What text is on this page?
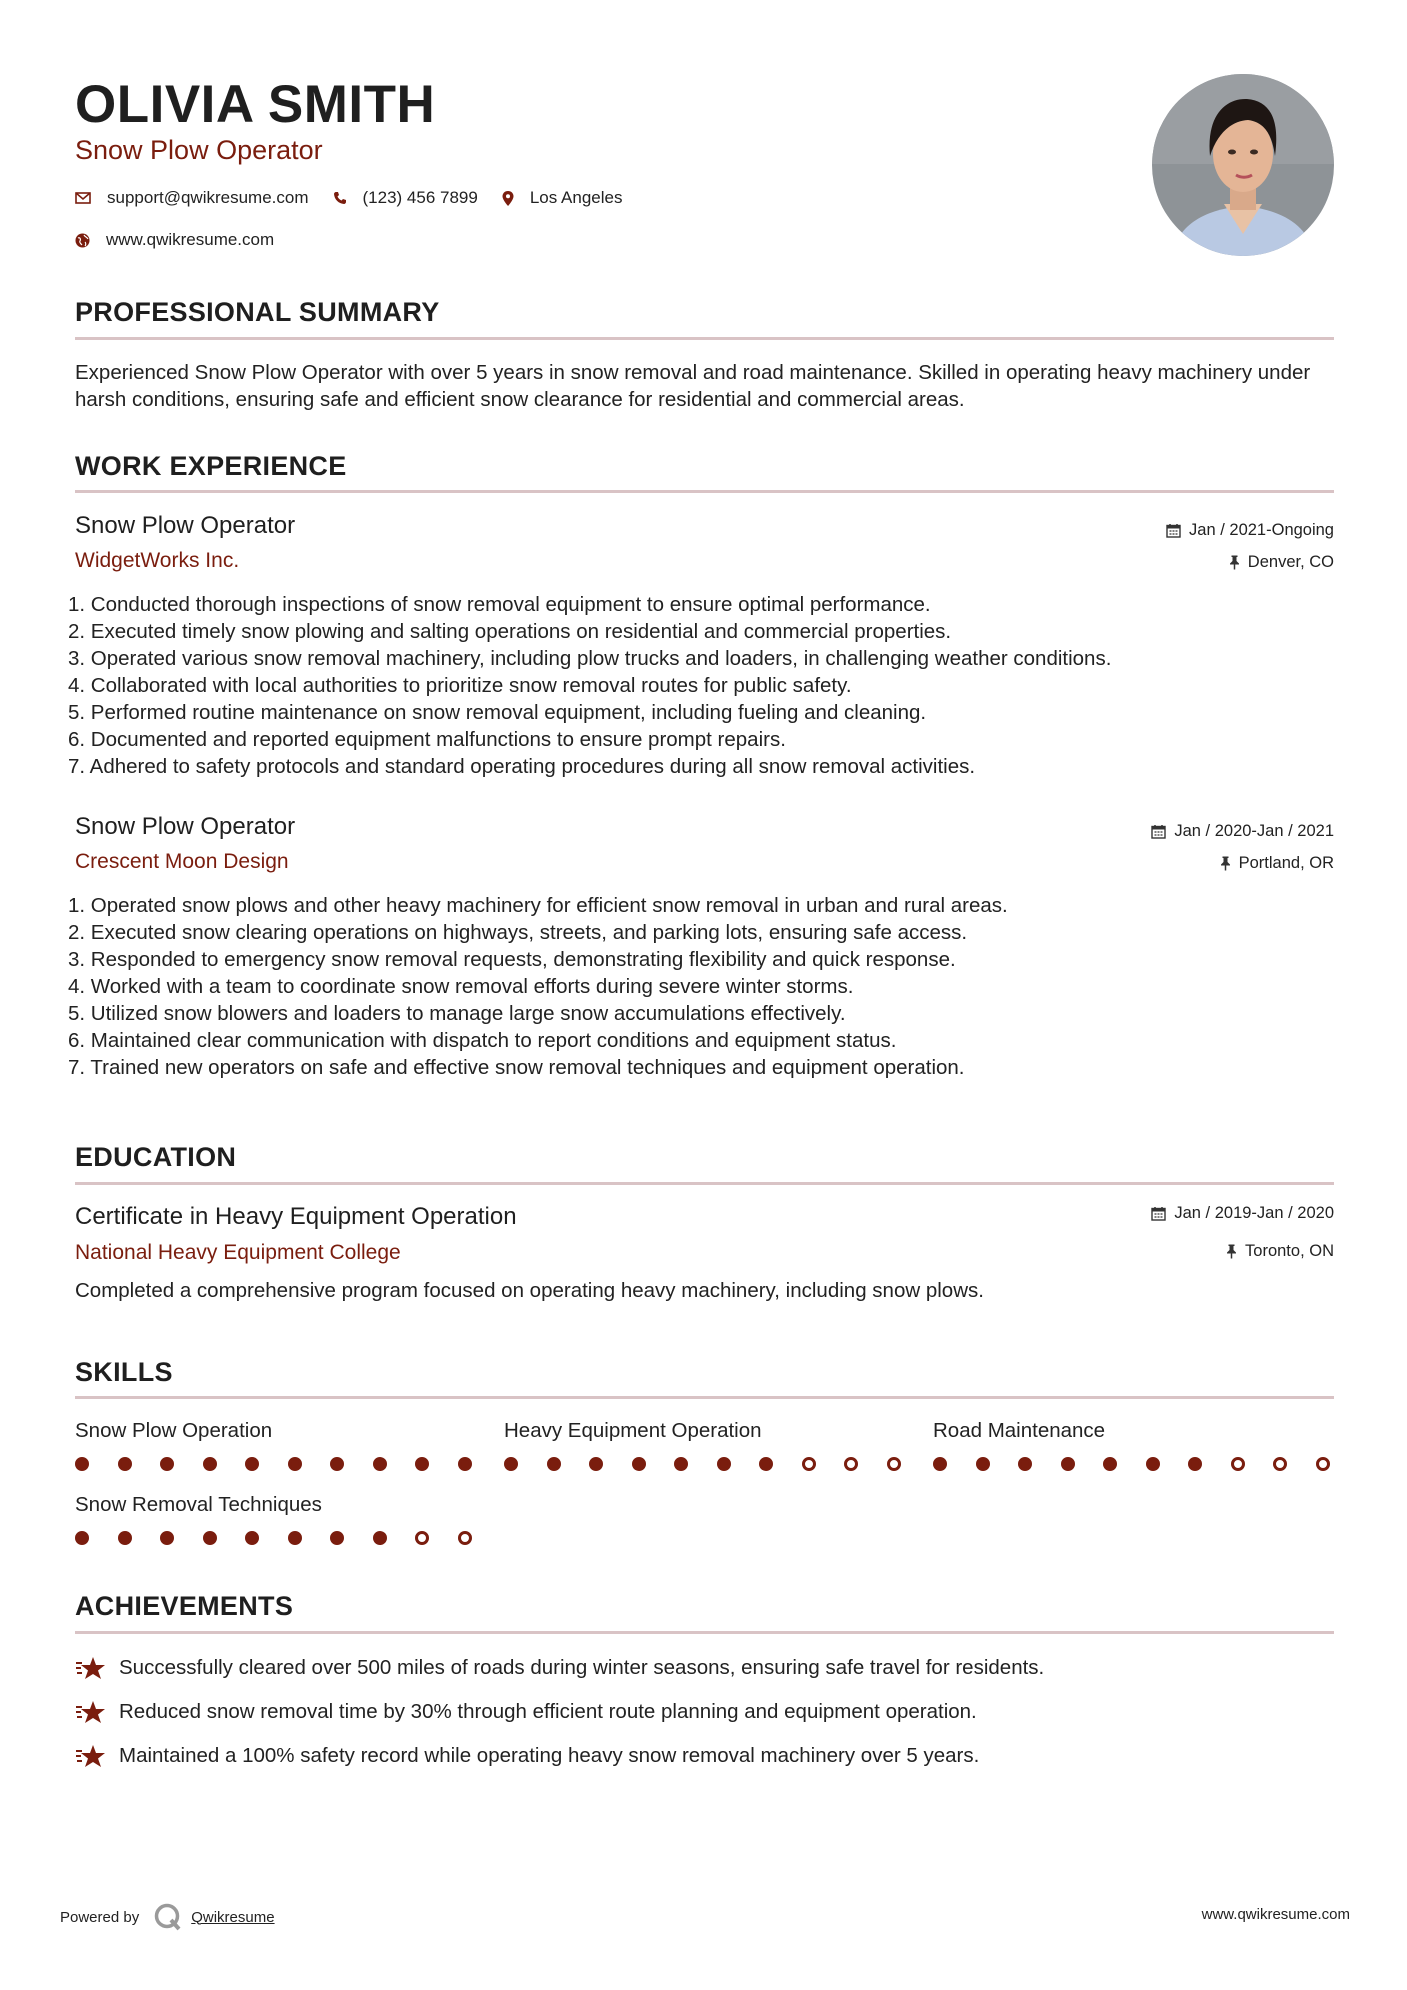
OLIVIA SMITH
Snow Plow Operator
support@qwikresume.com	(123) 456 7899	Los Angeles
www.qwikresume.com
PROFESSIONAL SUMMARY
Experienced Snow Plow Operator with over 5 years in snow removal and road maintenance. Skilled in operating heavy machinery under harsh conditions, ensuring safe and efficient snow clearance for residential and commercial areas.
WORK EXPERIENCE
Snow Plow Operator	Jan / 2021-Ongoing
WidgetWorks Inc.	Denver, CO
1. Conducted thorough inspections of snow removal equipment to ensure optimal performance.
2. Executed timely snow plowing and salting operations on residential and commercial properties.
3. Operated various snow removal machinery, including plow trucks and loaders, in challenging weather conditions.
4. Collaborated with local authorities to prioritize snow removal routes for public safety.
5. Performed routine maintenance on snow removal equipment, including fueling and cleaning.
6. Documented and reported equipment malfunctions to ensure prompt repairs.
7. Adhered to safety protocols and standard operating procedures during all snow removal activities.
Snow Plow Operator	Jan / 2020-Jan / 2021
Crescent Moon Design	Portland, OR
1. Operated snow plows and other heavy machinery for efficient snow removal in urban and rural areas.
2. Executed snow clearing operations on highways, streets, and parking lots, ensuring safe access.
3. Responded to emergency snow removal requests, demonstrating flexibility and quick response.
4. Worked with a team to coordinate snow removal efforts during severe winter storms.
5. Utilized snow blowers and loaders to manage large snow accumulations effectively.
6. Maintained clear communication with dispatch to report conditions and equipment status.
7. Trained new operators on safe and effective snow removal techniques and equipment operation.
EDUCATION
Certificate in Heavy Equipment Operation	Jan / 2019-Jan / 2020
National Heavy Equipment College	Toronto, ON
Completed a comprehensive program focused on operating heavy machinery, including snow plows.
SKILLS
Snow Plow Operation	Heavy Equipment Operation	Road Maintenance
Snow Removal Techniques
ACHIEVEMENTS
Successfully cleared over 500 miles of roads during winter seasons, ensuring safe travel for residents.
Reduced snow removal time by 30% through efficient route planning and equipment operation.
Maintained a 100% safety record while operating heavy snow removal machinery over 5 years.
Powered by	Qwikresume	www.qwikresume.com
